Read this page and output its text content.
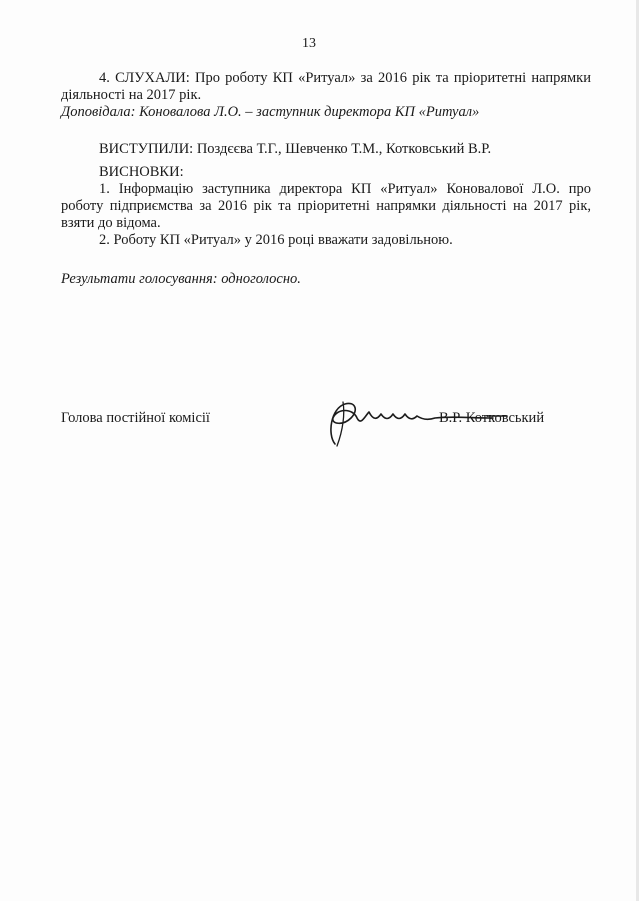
13

4. СЛУХАЛИ: Про роботу КП «Ритуал» за 2016 рік та пріоритетні напрямки діяльності на 2017 рік.

Доповідала: Коновалова Л.О. – заступник директора КП «Ритуал»

ВИСТУПИЛИ: Поздєєва Т.Г., Шевченко Т.М., Котковський В.Р.

ВИСНОВКИ:

1. Інформацію заступника директора КП «Ритуал» Коновалової Л.О. про роботу підприємства за 2016 рік та пріоритетні напрямки діяльності на 2017 рік, взяти до відома.

2. Роботу КП «Ритуал» у 2016 році вважати задовільною.

Результати голосування: одноголосно.

Голова постійної комісії	В.Р. Котковський
